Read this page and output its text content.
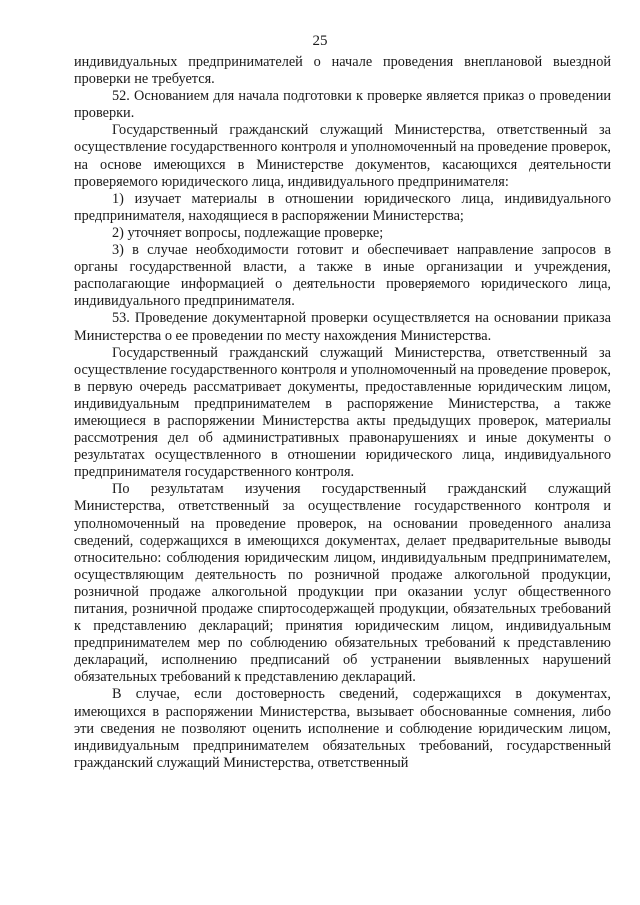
25

индивидуальных предпринимателей о начале проведения внеплановой выездной проверки не требуется.

52. Основанием для начала подготовки к проверке является приказ о проведении проверки.

Государственный гражданский служащий Министерства, ответственный за осуществление государственного контроля и уполномоченный на проведение проверок, на основе имеющихся в Министерстве документов, касающихся деятельности проверяемого юридического лица, индивидуального предпринимателя:

1) изучает материалы в отношении юридического лица, индивидуального предпринимателя, находящиеся в распоряжении Министерства;

2) уточняет вопросы, подлежащие проверке;

3) в случае необходимости готовит и обеспечивает направление запросов в органы государственной власти, а также в иные организации и учреждения, располагающие информацией о деятельности проверяемого юридического лица, индивидуального предпринимателя.

53. Проведение документарной проверки осуществляется на основании приказа Министерства о ее проведении по месту нахождения Министерства.

Государственный гражданский служащий Министерства, ответственный за осуществление государственного контроля и уполномоченный на проведение проверок, в первую очередь рассматривает документы, предоставленные юридическим лицом, индивидуальным предпринимателем в распоряжение Министерства, а также имеющиеся в распоряжении Министерства акты предыдущих проверок, материалы рассмотрения дел об административных правонарушениях и иные документы о результатах осуществленного в отношении юридического лица, индивидуального предпринимателя государственного контроля.

По результатам изучения государственный гражданский служащий Министерства, ответственный за осуществление государственного контроля и уполномоченный на проведение проверок, на основании проведенного анализа сведений, содержащихся в имеющихся документах, делает предварительные выводы относительно: соблюдения юридическим лицом, индивидуальным предпринимателем, осуществляющим деятельность по розничной продаже алкогольной продукции, розничной продаже алкогольной продукции при оказании услуг общественного питания, розничной продаже спиртосодержащей продукции, обязательных требований к представлению деклараций; принятия юридическим лицом, индивидуальным предпринимателем мер по соблюдению обязательных требований к представлению деклараций, исполнению предписаний об устранении выявленных нарушений обязательных требований к представлению деклараций.

В случае, если достоверность сведений, содержащихся в документах, имеющихся в распоряжении Министерства, вызывает обоснованные сомнения, либо эти сведения не позволяют оценить исполнение и соблюдение юридическим лицом, индивидуальным предпринимателем обязательных требований, государственный гражданский служащий Министерства, ответственный
